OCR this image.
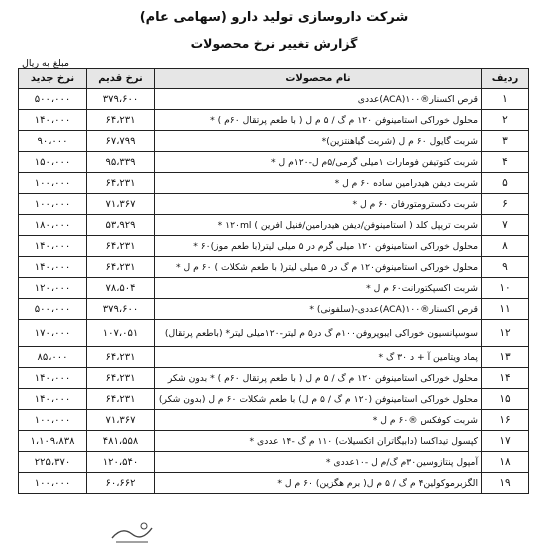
شرکت داروسازی تولید دارو (سهامی عام)
گزارش تغییر نرخ محصولات
مبلغ به ریال
ردیف	نام محصولات	نرخ قدیم	نرخ جدید
۱	قرص اکسنار®۱۰۰(ACA)عددی	۳۷۹،۶۰۰	۵۰۰،۰۰۰
۲	محلول خوراکی استامینوفن ۱۲۰ م گ / ۵ م ل ( با طعم پرتقال ۶۰م ) *	۶۴،۲۳۱	۱۴۰،۰۰۰
۳	شربت گایول ۶۰ م ل (شربت گیاهنتزین)*	۶۷،۷۹۹	۹۰،۰۰۰
۴	شربت کتوتیفن فومارات ۱میلی گرمی/۵م ل-۱۲۰م ل *	۹۵،۳۳۹	۱۵۰،۰۰۰
۵	شربت دیفن هیدرامین ساده ۶۰ م ل *	۶۴،۲۳۱	۱۰۰،۰۰۰
۶	شربت دکسترومتورفان ۶۰ م ل *	۷۱،۳۶۷	۱۰۰،۰۰۰
۷	شربت تریپل کلد ( استامینوفن/دیفن هیدرامین/فنیل افرین ) ۱۲۰ml *	۵۳،۹۲۹	۱۸۰،۰۰۰
۸	محلول خوراکی استامینوفن ۱۲۰ میلی گرم در ۵ میلی لیتر(با طعم موز)۶۰ *	۶۴،۲۳۱	۱۴۰،۰۰۰
۹	محلول خوراکی استامینوفن۱۲۰ م گ در ۵ میلی لیتر( با طعم شکلات ) ۶۰ م ل *	۶۴،۲۳۱	۱۴۰،۰۰۰
۱۰	شربت اکسپکتورانت۶۰ م ل *	۷۸،۵۰۴	۱۲۰،۰۰۰
۱۱	قرص اکسنار®۱۰۰(ACA)عددی-(سلفونی) *	۳۷۹،۶۰۰	۵۰۰،۰۰۰
۱۲	سوسپانسیون خوراکی ایبوپروفن۱۰۰م گ در۵ م لیتر-۱۲۰میلی لیتر* (باطعم پرتقال)	۱۰۷،۰۵۱	۱۷۰،۰۰۰
۱۳	پماد ویتامین آ + د ۳۰ گ *	۶۴،۲۳۱	۸۵،۰۰۰
۱۴	محلول خوراکی استامینوفن ۱۲۰ م گ / ۵ م ل ( با طعم پرتقال ۶۰م ) * بدون شکر	۶۴،۲۳۱	۱۴۰،۰۰۰
۱۵	محلول خوراکی استامینوفن (۱۲۰ م گ / ۵ م ل) با طعم شکلات ۶۰ م ل (بدون شکر)	۶۴،۲۳۱	۱۴۰،۰۰۰
۱۶	شربت کوفکس ®۶۰ م ل *	۷۱،۳۶۷	۱۰۰،۰۰۰
۱۷	کپسول تیداکسا (دابیگاتران اتکسیلات) ۱۱۰ م گ -۱۴ عددی *	۴۸۱،۵۵۸	۱،۱۰۹،۸۳۸
۱۸	آمپول پنتازوسین۳۰م گ/م ل -۱۰عددی *	۱۲۰،۵۴۰	۲۲۵،۳۷۰
۱۹	الگزبرموکولین۴ م گ / ۵ م ل( برم هگزین) ۶۰ م ل *	۶۰،۶۶۲	۱۰۰،۰۰۰
